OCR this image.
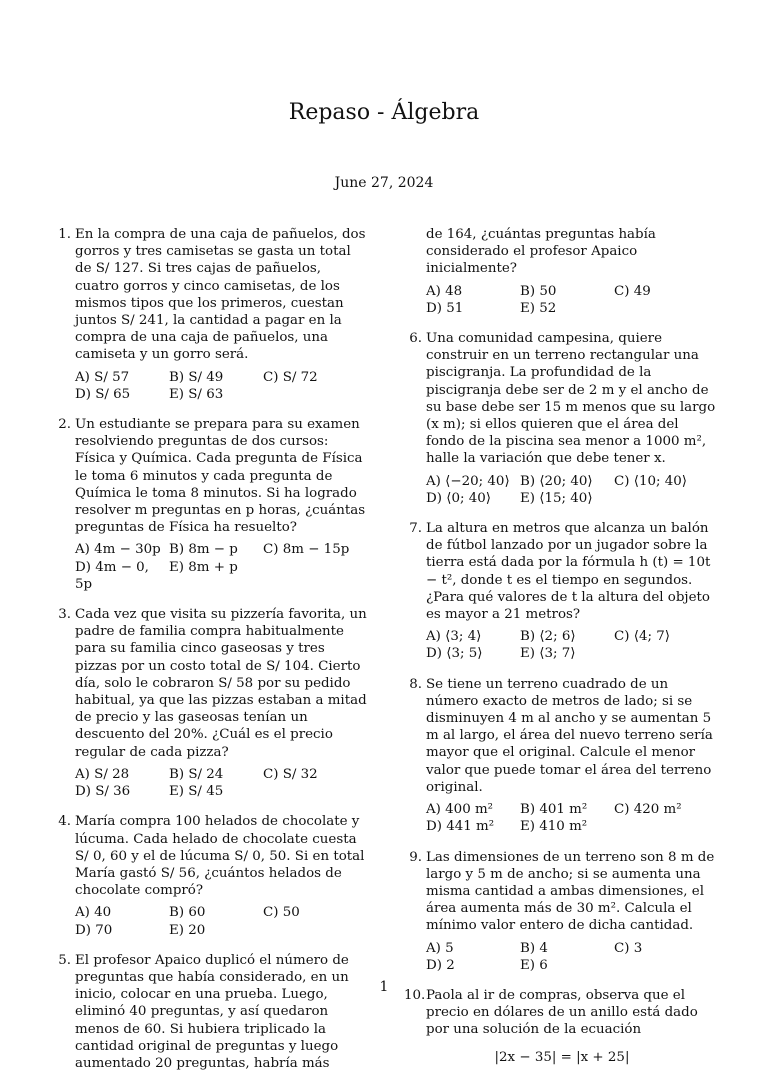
Repaso - Álgebra
June 27, 2024
1. En la compra de una caja de pañuelos, dos gorros y tres camisetas se gasta un total de S/ 127. Si tres cajas de pañuelos, cuatro gorros y cinco camisetas, de los mismos tipos que los primeros, cuestan juntos S/ 241, la cantidad a pagar en la compra de una caja de pañuelos, una camiseta y un gorro será.

A) S/ 57	B) S/ 49	C) S/ 72
D) S/ 65	E) S/ 63
2. Un estudiante se prepara para su examen resolviendo preguntas de dos cursos: Física y Química. Cada pregunta de Física le toma 6 minutos y cada pregunta de Química le toma 8 minutos. Si ha logrado resolver m preguntas en p horas, ¿cuántas preguntas de Física ha resuelto?

A) 4m − 30p B) 8m − p	C) 8m − 15p
D) 4m − 0, 5p
E) 8m + p
3. Cada vez que visita su pizzería favorita, un padre de familia compra habitualmente para su familia cinco gaseosas y tres pizzas por un costo total de S/ 104. Cierto día, solo le cobraron S/ 58 por su pedido habitual, ya que las pizzas estaban a mitad de precio y las gaseosas tenían un descuento del 20%. ¿Cuál es el precio regular de cada pizza?

A) S/ 28	B) S/ 24	C) S/ 32
D) S/ 36	E) S/ 45
4. María compra 100 helados de chocolate y lúcuma. Cada helado de chocolate cuesta S/ 0, 60 y el de lúcuma S/ 0, 50. Si en total María gastó S/ 56, ¿cuántos helados de chocolate compró?

A) 40	B) 60	C) 50
D) 70	E) 20
5. El profesor Apaico duplicó el número de preguntas que había considerado, en un inicio, colocar en una prueba. Luego, eliminó 40 preguntas, y así quedaron menos de 60. Si hubiera triplicado la cantidad original de preguntas y luego aumentado 20 preguntas, habría más

de 164, ¿cuántas preguntas había considerado el profesor Apaico inicialmente?

A) 48	B) 50	C) 49
D) 51	E) 52
6. Una comunidad campesina, quiere construir en un terreno rectangular una piscigranja. La profundidad de la piscigranja debe ser de 2 m y el ancho de su base debe ser 15 m menos que su largo (x m); si ellos quieren que el área del fondo de la piscina sea menor a 1000 m², halle la variación que debe tener x.

A) ⟨−20; 40⟩ B) ⟨20; 40⟩	C) ⟨10; 40⟩
D) ⟨0; 40⟩	E) ⟨15; 40⟩
7. La altura en metros que alcanza un balón de fútbol lanzado por un jugador sobre la tierra está dada por la fórmula h (t) = 10t − t², donde t es el tiempo en segundos. ¿Para qué valores de t la altura del objeto es mayor a 21 metros?

A) ⟨3; 4⟩	B) ⟨2; 6⟩	C) ⟨4; 7⟩
D) ⟨3; 5⟩	E) ⟨3; 7⟩
8. Se tiene un terreno cuadrado de un número exacto de metros de lado; si se disminuyen 4 m al ancho y se aumentan 5 m al largo, el área del nuevo terreno sería mayor que el original. Calcule el menor valor que puede tomar el área del terreno original.

A) 400 m²	B) 401 m²	C) 420 m²
D) 441 m²	E) 410 m²
9. Las dimensiones de un terreno son 8 m de largo y 5 m de ancho; si se aumenta una misma cantidad a ambas dimensiones, el área aumenta más de 30 m². Calcula el mínimo valor entero de dicha cantidad.

A) 5	B) 4	C) 3
D) 2	E) 6
10. Paola al ir de compras, observa que el precio en dólares de un anillo está dado por una solución de la ecuación

|2x − 35| = |x + 25|
1
